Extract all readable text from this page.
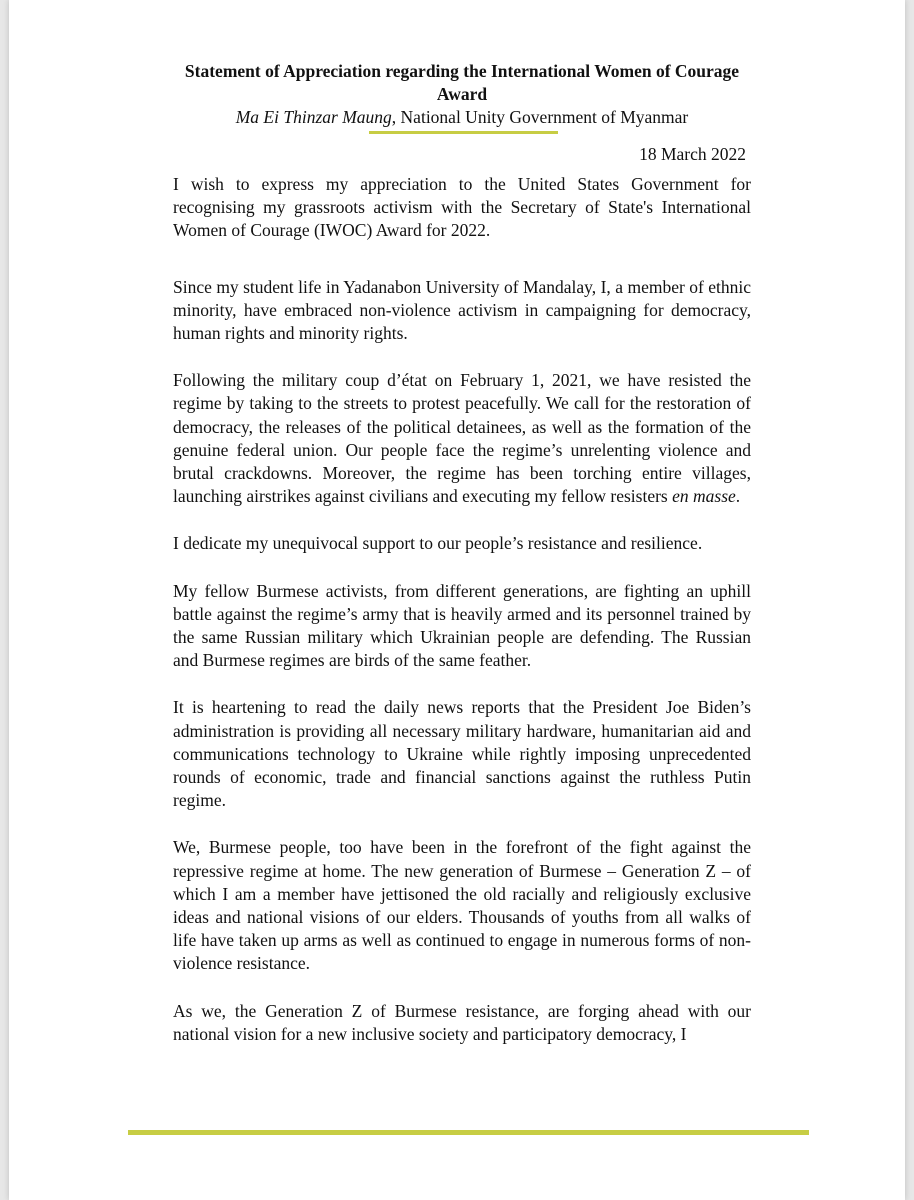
Statement of Appreciation regarding the International Women of Courage Award

Ma Ei Thinzar Maung, National Unity Government of Myanmar

18 March 2022

I wish to express my appreciation to the United States Government for recognising my grassroots activism with the Secretary of State's International Women of Courage (IWOC) Award for 2022.

Since my student life in Yadanabon University of Mandalay, I, a member of ethnic minority, have embraced non-violence activism in campaigning for democracy, human rights and minority rights.

Following the military coup d’état on February 1, 2021, we have resisted the regime by taking to the streets to protest peacefully. We call for the restoration of democracy, the releases of the political detainees, as well as the formation of the genuine federal union. Our people face the regime’s unrelenting violence and brutal crackdowns. Moreover, the regime has been torching entire villages, launching airstrikes against civilians and executing my fellow resisters en masse.

I dedicate my unequivocal support to our people’s resistance and resilience.

My fellow Burmese activists, from different generations, are fighting an uphill battle against the regime’s army that is heavily armed and its personnel trained by the same Russian military which Ukrainian people are defending. The Russian and Burmese regimes are birds of the same feather.

It is heartening to read the daily news reports that the President Joe Biden’s administration is providing all necessary military hardware, humanitarian aid and communications technology to Ukraine while rightly imposing unprecedented rounds of economic, trade and financial sanctions against the ruthless Putin regime.

We, Burmese people, too have been in the forefront of the fight against the repressive regime at home. The new generation of Burmese – Generation Z – of which I am a member have jettisoned the old racially and religiously exclusive ideas and national visions of our elders. Thousands of youths from all walks of life have taken up arms as well as continued to engage in numerous forms of non-violence resistance.

As we, the Generation Z of Burmese resistance, are forging ahead with our national vision for a new inclusive society and participatory democracy, I
